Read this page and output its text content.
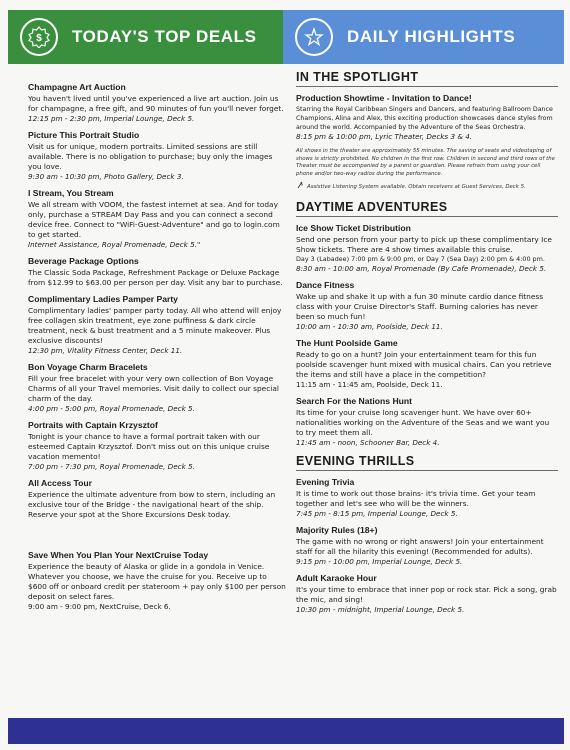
$ TODAY'S TOP DEALS	DAILY HIGHLIGHTS

Champagne Art Auction

You haven't lived until you've experienced a live art auction. Join us for champagne, a free gift, and 90 minutes of fun you'll never forget.

12:15 pm - 2:30 pm, Imperial Lounge, Deck 5.

Picture This Portrait Studio

Visit us for unique, modern portraits. Limited sessions are still available. There is no obligation to purchase; buy only the images you love.

9:30 am - 10:30 pm, Photo Gallery, Deck 3.

I Stream, You Stream

We all stream with VOOM, the fastest internet at sea. And for today only, purchase a STREAM Day Pass and you can connect a second device free. Connect to "WiFi-Guest-Adventure" and go to login.com to get started.

Internet Assistance, Royal Promenade, Deck 5."

Beverage Package Options

The Classic Soda Package, Refreshment Package or Deluxe Package from $12.99 to $63.00 per person per day. Visit any bar to purchase.

Complimentary Ladies Pamper Party

Complimentary ladies' pamper party today. All who attend will enjoy free collagen skin treatment, eye zone puffiness & dark circle treatment, neck & bust treatment and a 5 minute makeover. Plus exclusive discounts!

12:30 pm, Vitality Fitness Center, Deck 11.

Bon Voyage Charm Bracelets

Fill your free bracelet with your very own collection of Bon Voyage Charms of all your Travel memories. Visit daily to collect our special charm of the day.

4:00 pm - 5:00 pm, Royal Promenade, Deck 5.

Portraits with Captain Krzysztof

Tonight is your chance to have a formal portrait taken with our esteemed Captain Krzysztof. Don't miss out on this unique cruise vacation memento!

7:00 pm - 7:30 pm, Royal Promenade, Deck 5.

All Access Tour

Experience the ultimate adventure from bow to stern, including an exclusive tour of the Bridge - the navigational heart of the ship. Reserve your spot at the Shore Excursions Desk today.

Save When You Plan Your NextCruise Today

Experience the beauty of Alaska or glide in a gondola in Venice. Whatever you choose, we have the cruise for you. Receive up to $600 off or onboard credit per stateroom + pay only $100 per person deposit on select fares.

9:00 am - 9:00 pm, NextCruise, Deck 6.

IN THE SPOTLIGHT

Production Showtime - Invitation to Dance!

Starring the Royal Caribbean Singers and Dancers, and featuring Ballroom Dance Champions, Alina and Alex, this exciting production showcases dance styles from around the world. Accompanied by the Adventure of the Seas Orchestra.

8:15 pm & 10:00 pm, Lyric Theater, Decks 3 & 4.

All shows in the theater are approximately 55 minutes. The saving of seats and videotaping of shows is strictly prohibited. No children in the first row. Children in second and third rows of the Theater must be accompanied by a parent or guardian. Please refrain from using your cell phone and/or two-way radios during the performance.

Assistive Listening System available. Obtain receivers at Guest Services, Deck 5.
DAYTIME ADVENTURES

Ice Show Ticket Distribution

Send one person from your party to pick up these complimentary Ice Show tickets. There are 4 show times available this cruise.

Day 3 (Labadee) 7:00 pm & 9:00 pm, or Day 7 (Sea Day) 2:00 pm & 4:00 pm.

8:30 am - 10:00 am, Royal Promenade (By Cafe Promenade), Deck 5.

Dance Fitness

Wake up and shake it up with a fun 30 minute cardio dance fitness class with your Cruise Director's Staff. Burning calories has never been so much fun!

10:00 am - 10:30 am, Poolside, Deck 11.

The Hunt Poolside Game

Ready to go on a hunt? Join your entertainment team for this fun poolside scavenger hunt mixed with musical chairs. Can you retrieve the items and still have a place in the competition?

11:15 am - 11:45 am, Poolside, Deck 11.

Search For the Nations Hunt

Its time for your cruise long scavenger hunt. We have over 60+ nationalities working on the Adventure of the Seas and we want you to try meet them all.

11:45 am - noon, Schooner Bar, Deck 4.

EVENING THRILLS

Evening Trivia

It is time to work out those brains- it's trivia time. Get your team together and let's see who will be the winners.

7:45 pm - 8:15 pm, Imperial Lounge, Deck 5.

Majority Rules (18+)

The game with no wrong or right answers! Join your entertainment staff for all the hilarity this evening! (Recommended for adults).

9:15 pm - 10:00 pm, Imperial Lounge, Deck 5.

Adult Karaoke Hour

It's your time to embrace that inner pop or rock star. Pick a song, grab the mic, and sing!

10:30 pm - midnight, Imperial Lounge, Deck 5.
